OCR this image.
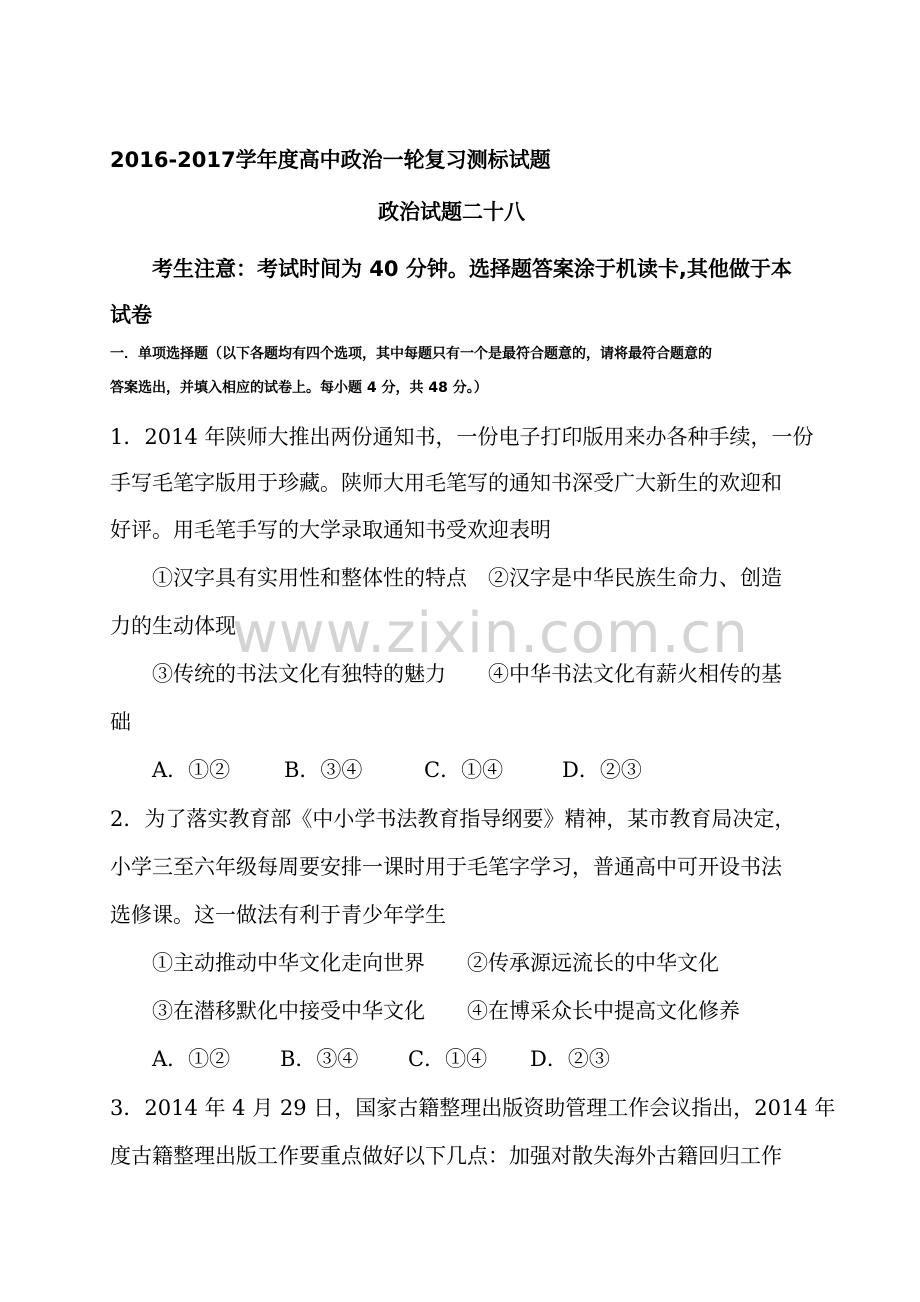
2016-2017学年度高中政治一轮复习测标试题
政治试题二十八
考生注意：考试时间为 40 分钟。选择题答案涂于机读卡,其他做于本
试卷
一．单项选择题（以下各题均有四个选项，其中每题只有一个是最符合题意的，请将最符合题意的
答案选出，并填入相应的试卷上。每小题 4 分，共 48 分。）
1．2014 年陕师大推出两份通知书，一份电子打印版用来办各种手续，一份
手写毛笔字版用于珍藏。陕师大用毛笔写的通知书深受广大新生的欢迎和
好评。用毛笔手写的大学录取通知书受欢迎表明
①汉字具有实用性和整体性的特点　②汉字是中华民族生命力、创造
力的生动体现
③传统的书法文化有独特的魅力　　④中华书法文化有薪火相传的基
础
A．①②	B．③④	C．①④	D．②③
2．为了落实教育部《中小学书法教育指导纲要》精神，某市教育局决定，
小学三至六年级每周要安排一课时用于毛笔字学习，普通高中可开设书法
选修课。这一做法有利于青少年学生
①主动推动中华文化走向世界　　②传承源远流长的中华文化
③在潜移默化中接受中华文化　　④在博采众长中提高文化修养
A．①② B．③④ C．①④ D．②③
3．2014 年 4 月 29 日，国家古籍整理出版资助管理工作会议指出，2014 年
度古籍整理出版工作要重点做好以下几点：加强对散失海外古籍回归工作
www.zixin.com.cn
